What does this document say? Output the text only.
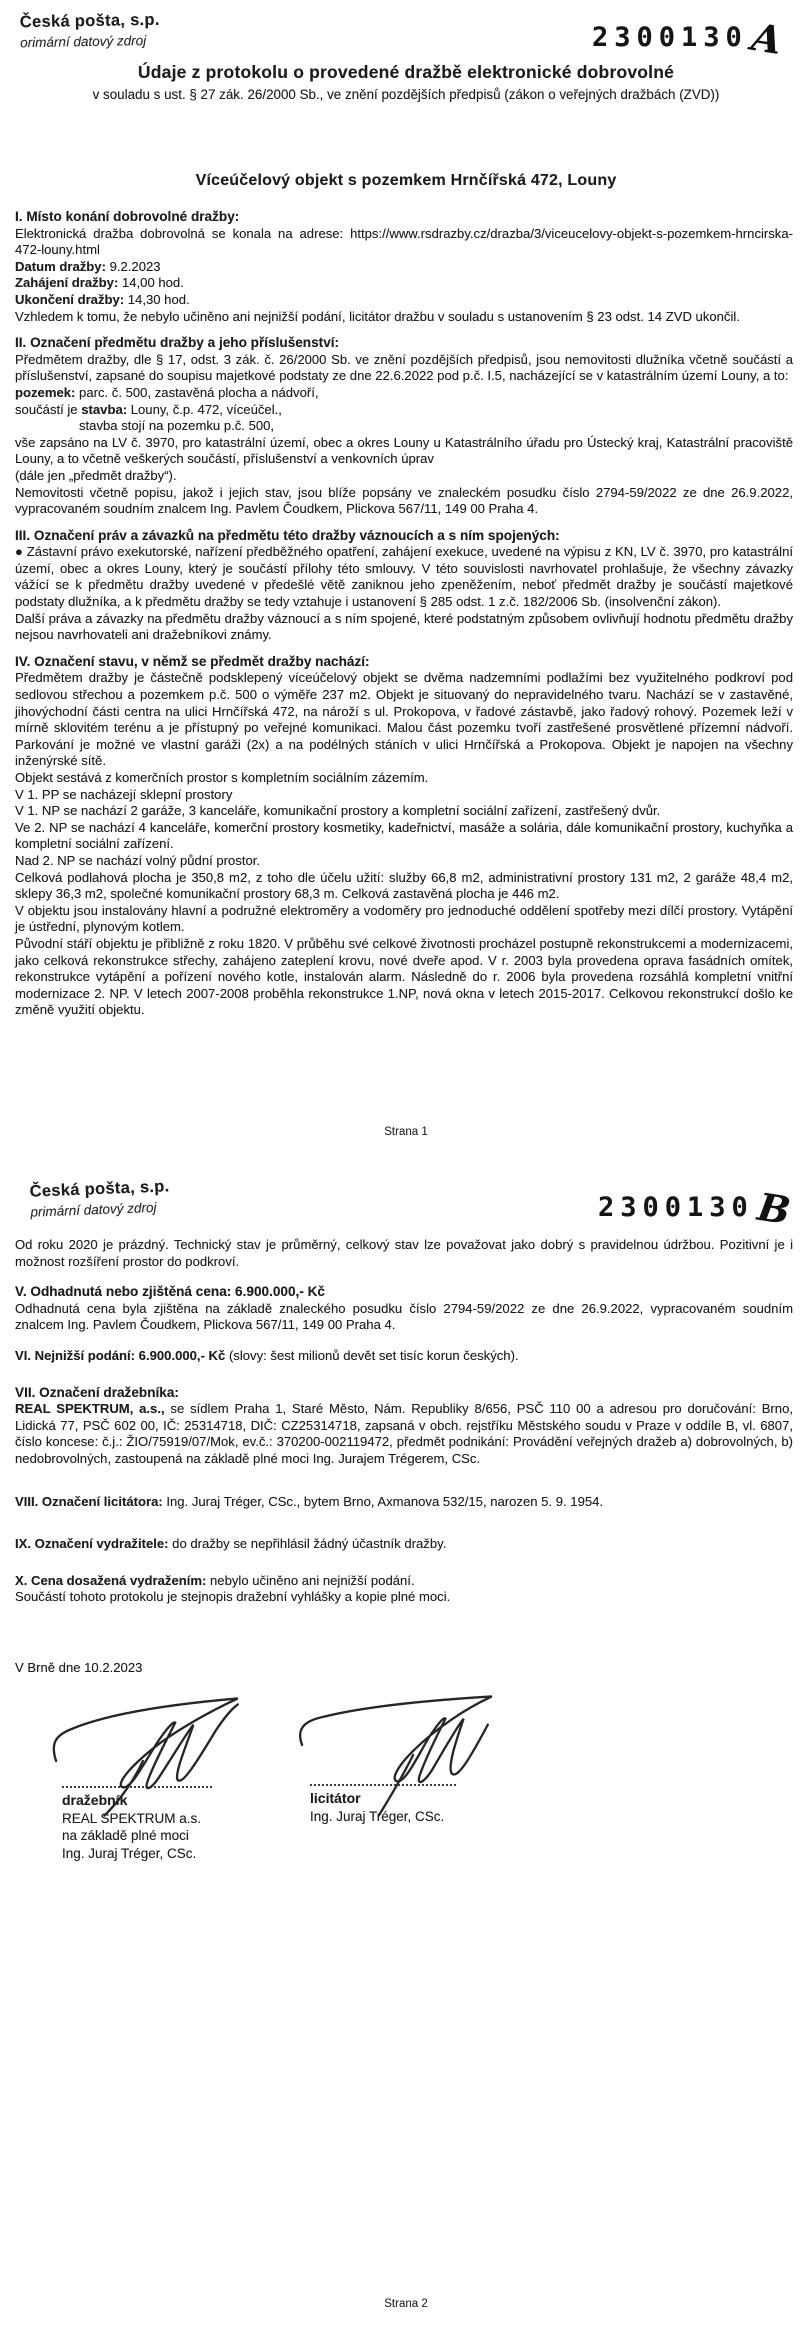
Česká pošta, s.p.
orimární datový zdroj	2300130A
Údaje z protokolu o provedené dražbě elektronické dobrovolné
v souladu s ust. § 27 zák. 26/2000 Sb., ve znění pozdějších předpisů (zákon o veřejných dražbách (ZVD))
Víceúčelový objekt s pozemkem Hrnčířská 472, Louny
I. Místo konání dobrovolné dražby:

Elektronická dražba dobrovolná se konala na adrese: https://www.rsdrazby.cz/drazba/3/viceucelovy-objekt-s-pozemkem-hrncirska-472-louny.html

Datum dražby: 9.2.2023
Zahájení dražby: 14,00 hod.
Ukončení dražby: 14,30 hod.

Vzhledem k tomu, že nebylo učiněno ani nejnižší podání, licitátor dražbu v souladu s ustanovením § 23 odst. 14 ZVD ukončil.

II. Označení předmětu dražby a jeho příslušenství:

Předmětem dražby, dle § 17, odst. 3 zák. č. 26/2000 Sb. ve znění pozdějších předpisů, jsou nemovitosti dlužníka včetně součástí a příslušenství, zapsané do soupisu majetkové podstaty ze dne 22.6.2022 pod p.č. I.5, nacházející se v katastrálním území Louny, a to:

pozemek: parc. č. 500, zastavěná plocha a nádvoří,
součástí je stavba: Louny, č.p. 472, víceúčel.,
stavba stojí na pozemku p.č. 500,

vše zapsáno na LV č. 3970, pro katastrální území, obec a okres Louny u Katastrálního úřadu pro Ústecký kraj, Katastrální pracoviště Louny, a to včetně veškerých součástí, příslušenství a venkovních úprav

(dále jen „předmět dražby“).

Nemovitosti včetně popisu, jakož i jejich stav, jsou blíže popsány ve znaleckém posudku číslo 2794-59/2022 ze dne 26.9.2022, vypracovaném soudním znalcem Ing. Pavlem Čoudkem, Plickova 567/11, 149 00 Praha 4.

III. Označení práv a závazků na předmětu této dražby váznoucích a s ním spojených:

● Zástavní právo exekutorské, nařízení předběžného opatření, zahájení exekuce, uvedené na výpisu z KN, LV č. 3970, pro katastrální území, obec a okres Louny, který je součástí přílohy této smlouvy. V této souvislosti navrhovatel prohlašuje, že všechny závazky vážící se k předmětu dražby uvedené v předešlé větě zaniknou jeho zpeněžením, neboť předmět dražby je součástí majetkové podstaty dlužníka, a k předmětu dražby se tedy vztahuje i ustanovení § 285 odst. 1 z.č. 182/2006 Sb. (insolvenční zákon).

Další práva a závazky na předmětu dražby váznoucí a s ním spojené, které podstatným způsobem ovlivňují hodnotu předmětu dražby nejsou navrhovateli ani dražebníkovi známy.

IV. Označení stavu, v němž se předmět dražby nachází:

Předmětem dražby je částečně podsklepený víceúčelový objekt se dvěma nadzemními podlažími bez využitelného podkroví pod sedlovou střechou a pozemkem p.č. 500 o výměře 237 m2. Objekt je situovaný do nepravidelného tvaru. Nachází se v zastavěné, jihovýchodní části centra na ulici Hrnčířská 472, na nároží s ul. Prokopova, v řadové zástavbě, jako řadový rohový. Pozemek leží v mírně sklovitém terénu a je přístupný po veřejné komunikaci. Malou část pozemku tvoří zastřešené prosvětlené přízemní nádvoří. Parkování je možné ve vlastní garáži (2x) a na podélných stáních v ulici Hrnčířská a Prokopova. Objekt je napojen na všechny inženýrské sítě.

Objekt sestává z komerčních prostor s kompletním sociálním zázemím.
V 1. PP se nacházejí sklepní prostory
V 1. NP se nachází 2 garáže, 3 kanceláře, komunikační prostory a kompletní sociální zařízení, zastřešený dvůr.

Ve 2. NP se nachází 4 kanceláře, komerční prostory kosmetiky, kadeřnictví, masáže a solária, dále komunikační prostory, kuchyňka a kompletní sociální zařízení.

Nad 2. NP se nachází volný půdní prostor.

Celková podlahová plocha je 350,8 m2, z toho dle účelu užití: služby 66,8 m2, administrativní prostory 131 m2, 2 garáže 48,4 m2, sklepy 36,3 m2, společné komunikační prostory 68,3 m. Celková zastavěná plocha je 446 m2.

V objektu jsou instalovány hlavní a podružné elektroměry a vodoměry pro jednoduché oddělení spotřeby mezi dílčí prostory. Vytápění je ústřední, plynovým kotlem.

Původní stáří objektu je přibližně z roku 1820. V průběhu své celkové životnosti procházel postupně rekonstrukcemi a modernizacemi, jako celková rekonstrukce střechy, zahájeno zateplení krovu, nové dveře apod. V r. 2003 byla provedena oprava fasádních omítek, rekonstrukce vytápění a pořízení nového kotle, instalován alarm. Následně do r. 2006 byla provedena rozsáhlá kompletní vnitřní modernizace 2. NP. V letech 2007-2008 proběhla rekonstrukce 1.NP, nová okna v letech 2015-2017. Celkovou rekonstrukcí došlo ke změně využití objektu.

Strana 1
Česká pošta, s.p.
primární datový zdroj	2300130B

Od roku 2020 je prázdný. Technický stav je průměrný, celkový stav lze považovat jako dobrý s pravidelnou údržbou. Pozitivní je i možnost rozšíření prostor do podkroví.

V. Odhadnutá nebo zjištěná cena: 6.900.000,- Kč

Odhadnutá cena byla zjištěna na základě znaleckého posudku číslo 2794-59/2022 ze dne 26.9.2022, vypracovaném soudním znalcem Ing. Pavlem Čoudkem, Plickova 567/11, 149 00 Praha 4.

VI. Nejnižší podání: 6.900.000,- Kč (slovy: šest milionů devět set tisíc korun českých).
VII. Označení dražebníka:

REAL SPEKTRUM, a.s., se sídlem Praha 1, Staré Město, Nám. Republiky 8/656, PSČ 110 00 a adresou pro doručování: Brno, Lidická 77, PSČ 602 00, IČ: 25314718, DIČ: CZ25314718, zapsaná v obch. rejstříku Městského soudu v Praze v oddíle B, vl. 6807, číslo koncese: č.j.: ŽIO/75919/07/Mok, ev.č.: 370200-002119472, předmět podnikání: Provádění veřejných dražeb a) dobrovolných, b) nedobrovolných, zastoupená na základě plné moci Ing. Jurajem Trégerem, CSc.

VIII. Označení licitátora: Ing. Juraj Tréger, CSc., bytem Brno, Axmanova 532/15, narozen 5. 9. 1954.
IX. Označení vydražitele: do dražby se nepřihlásil žádný účastník dražby.
X. Cena dosažená vydražením: nebylo učiněno ani nejnižší podání.

Součástí tohoto protokolu je stejnopis dražební vyhlášky a kopie plné moci.

V Brně dne 10.2.2023
dražebník
REAL SPEKTRUM a.s.
na základě plné moci
Ing. Juraj Tréger, CSc.
licitátor
Ing. Juraj Tréger, CSc.
Strana 2
